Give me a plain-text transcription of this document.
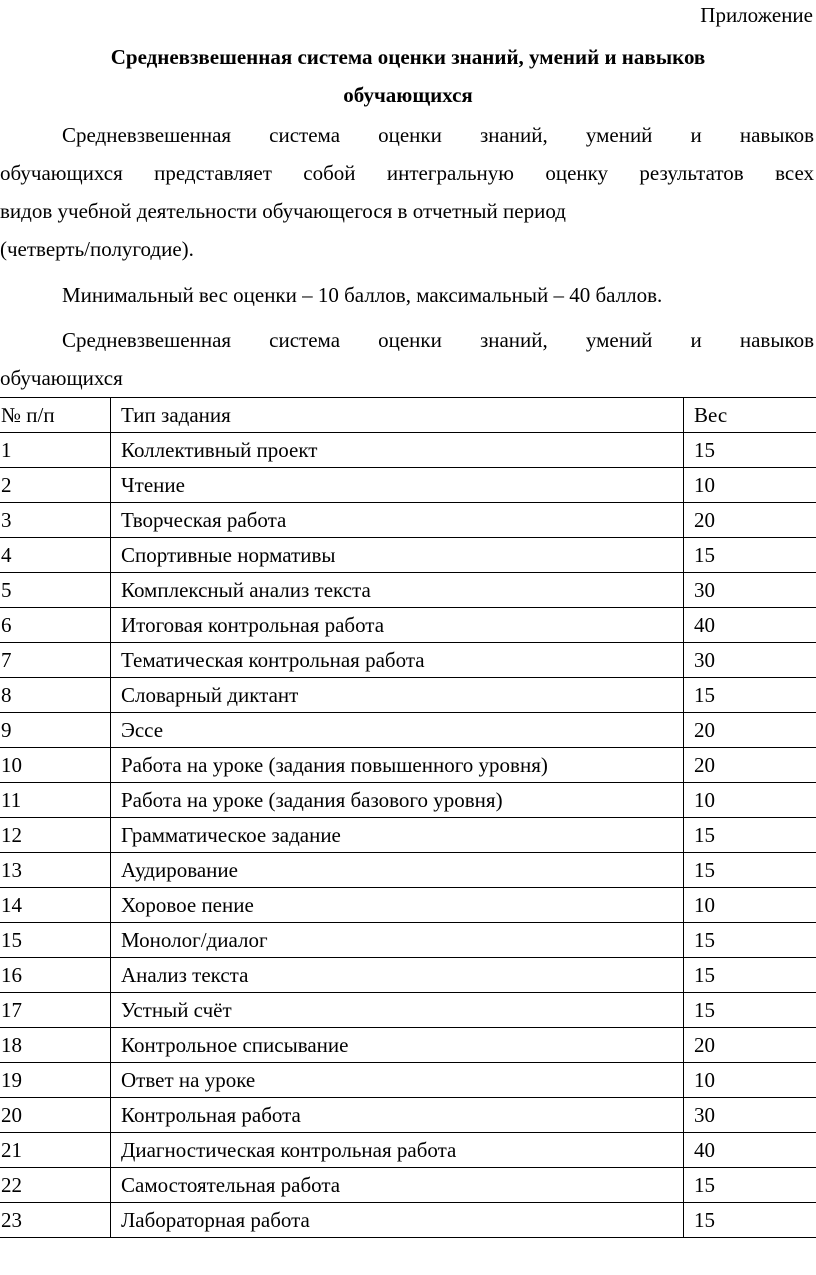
Приложение
Средневзвешенная система оценки знаний, умений и навыков
обучающихся
Средневзвешенная система оценки знаний, умений и навыков
обучающихся представляет собой интегральную оценку результатов всех
видов учебной деятельности обучающегося в отчетный период
(четверть/полугодие).
Минимальный вес оценки – 10 баллов, максимальный – 40 баллов.
Средневзвешенная система оценки знаний, умений и навыков
обучающихся
№ п/п	Тип задания	Вес
1	Коллективный проект	15
2	Чтение	10
3	Творческая работа	20
4	Спортивные нормативы	15
5	Комплексный анализ текста	30
6	Итоговая контрольная работа	40
7	Тематическая контрольная работа	30
8	Словарный диктант	15
9	Эссе	20
10	Работа на уроке (задания повышенного уровня)	20
11	Работа на уроке (задания базового уровня)	10
12	Грамматическое задание	15
13	Аудирование	15
14	Хоровое пение	10
15	Монолог/диалог	15
16	Анализ текста	15
17	Устный счёт	15
18	Контрольное списывание	20
19	Ответ на уроке	10
20	Контрольная работа	30
21	Диагностическая контрольная работа	40
22	Самостоятельная работа	15
23	Лабораторная работа	15
